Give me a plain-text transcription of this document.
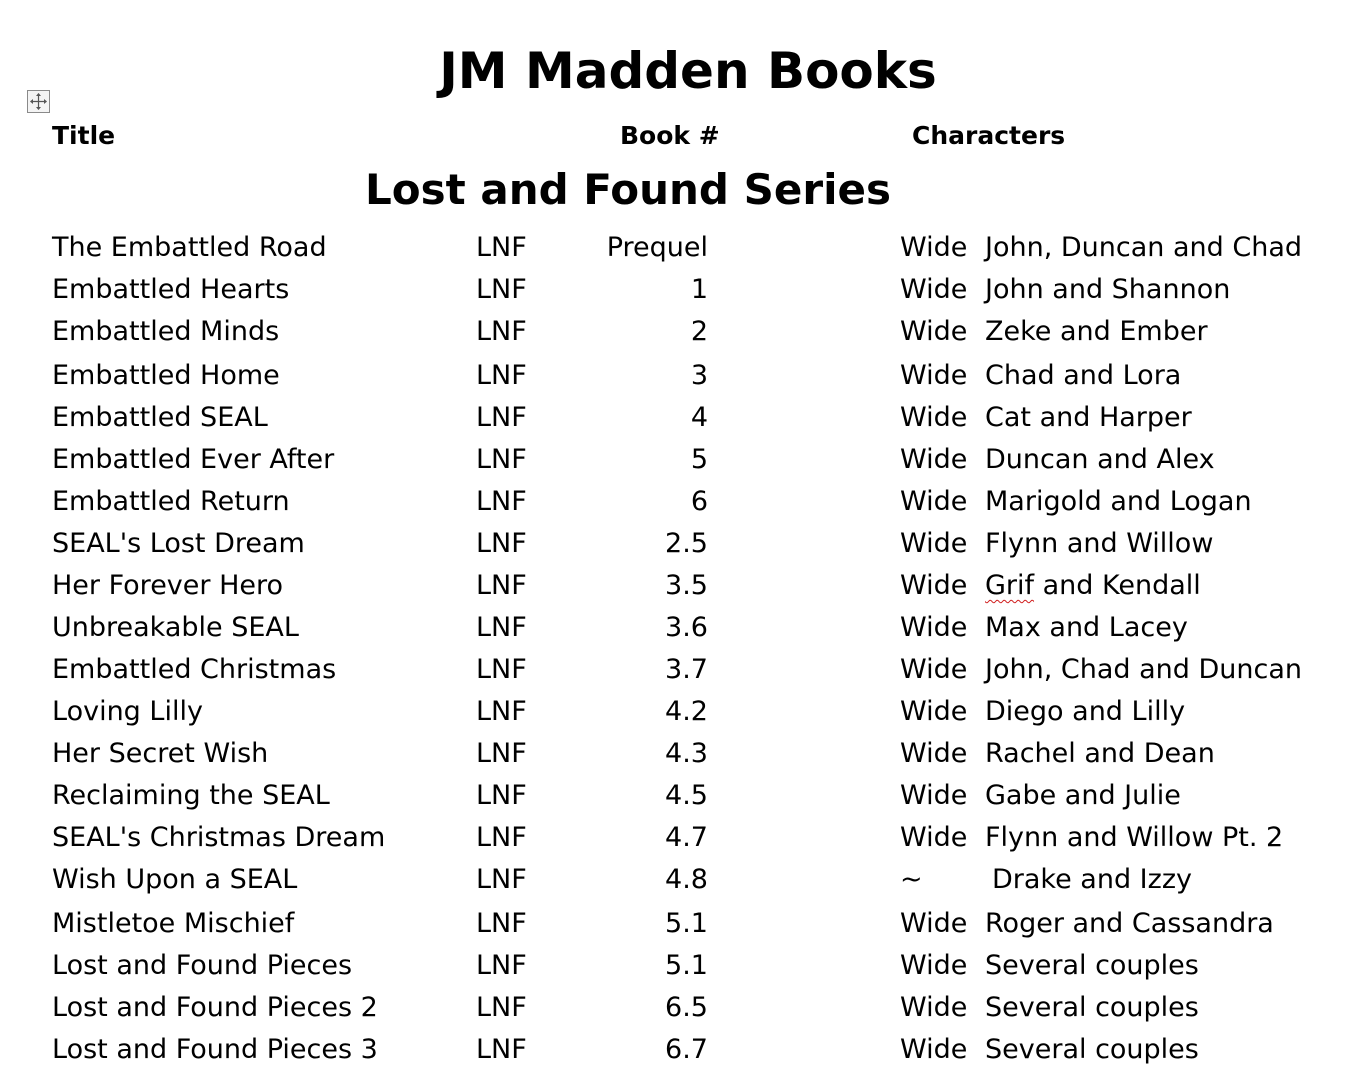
JM Madden Books
Title	Book #	Characters
Lost and Found Series
The Embattled Road	LNF	Prequel	Wide John, Duncan and Chad
Embattled Hearts	LNF	1	Wide John and Shannon
Embattled Minds	LNF	2	Wide Zeke and Ember
Embattled Home	LNF	3	Wide Chad and Lora
Embattled SEAL	LNF	4	Wide Cat and Harper
Embattled Ever After	LNF	5	Wide Duncan and Alex
Embattled Return	LNF	6	Wide Marigold and Logan
SEAL's Lost Dream	LNF	2.5	Wide Flynn and Willow
Her Forever Hero	LNF	3.5	Wide Grif and Kendall
Unbreakable SEAL	LNF	3.6	Wide Max and Lacey
Embattled Christmas	LNF	3.7	Wide John, Chad and Duncan
Loving Lilly	LNF	4.2	Wide Diego and Lilly
Her Secret Wish	LNF	4.3	Wide Rachel and Dean
Reclaiming the SEAL	LNF	4.5	Wide Gabe and Julie
SEAL's Christmas Dream	LNF	4.7	Wide Flynn and Willow Pt. 2
Wish Upon a SEAL	LNF	4.8	~	Drake and Izzy
Mistletoe Mischief	LNF	5.1	Wide Roger and Cassandra
Lost and Found Pieces	LNF	5.1	Wide Several couples
Lost and Found Pieces 2	LNF	6.5	Wide Several couples
Lost and Found Pieces 3	LNF	6.7	Wide Several couples
